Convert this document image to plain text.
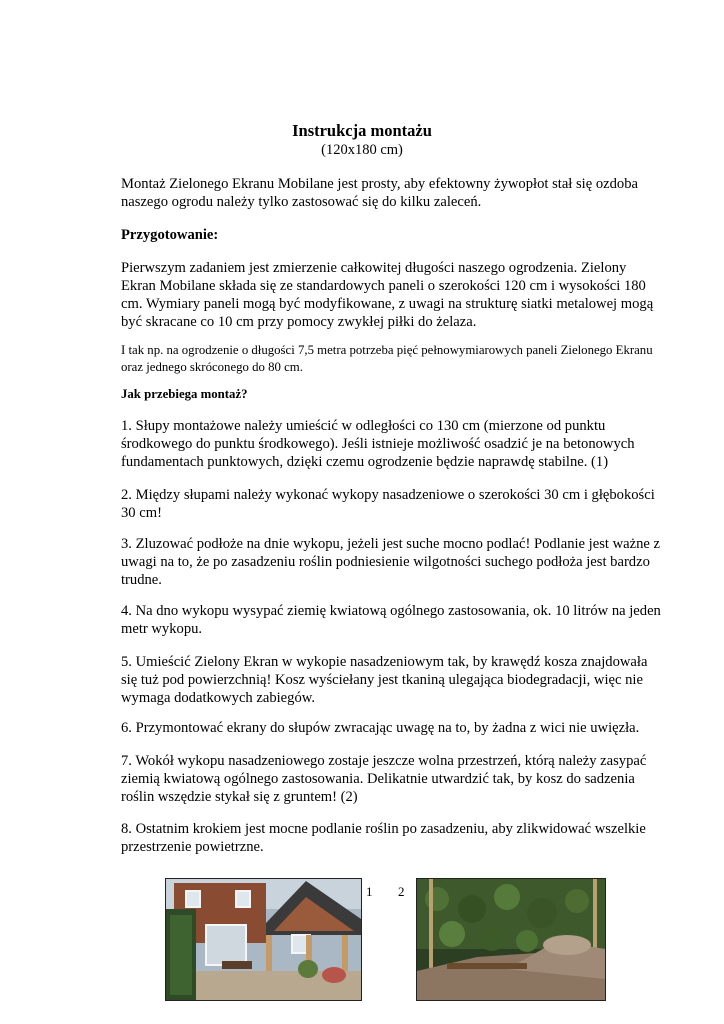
Instrukcja montażu
(120x180 cm)
Montaż Zielonego Ekranu Mobilane jest prosty, aby efektowny żywopłot stał się ozdoba naszego ogrodu należy tylko zastosować się do kilku zaleceń.
Przygotowanie:
Pierwszym zadaniem jest zmierzenie całkowitej długości naszego ogrodzenia. Zielony Ekran Mobilane składa się ze standardowych paneli o szerokości 120 cm i wysokości 180 cm. Wymiary paneli mogą być modyfikowane, z uwagi na strukturę siatki metalowej mogą być skracane co 10 cm przy pomocy zwykłej piłki do żelaza.
I tak np. na ogrodzenie o długości 7,5 metra potrzeba pięć pełnowymiarowych paneli Zielonego Ekranu oraz jednego skróconego do 80 cm.
Jak przebiega montaż?
1. Słupy montażowe należy umieścić w odległości co 130 cm (mierzone od punktu środkowego do punktu środkowego). Jeśli istnieje możliwość osadzić je na betonowych fundamentach punktowych, dzięki czemu ogrodzenie będzie naprawdę stabilne. (1)
2. Między słupami należy wykonać wykopy nasadzeniowe o szerokości 30 cm i głębokości 30 cm!
3. Zluzować podłoże na dnie wykopu, jeżeli jest suche mocno podlać! Podlanie jest ważne z uwagi na to, że po zasadzeniu roślin podniesienie wilgotności suchego podłoża jest bardzo trudne.
4. Na dno wykopu wysypać ziemię kwiatową ogólnego zastosowania, ok. 10 litrów na jeden metr wykopu.
5. Umieścić Zielony Ekran w wykopie nasadzeniowym tak, by krawędź kosza znajdowała się tuż pod powierzchnią! Kosz wyściełany jest tkaniną ulegająca biodegradacji, więc nie wymaga dodatkowych zabiegów.
6. Przymontować ekrany do słupów zwracając uwagę na to, by żadna z wici nie uwięzła.
7. Wokół wykopu nasadzeniowego zostaje jeszcze wolna przestrzeń, którą należy zasypać ziemią kwiatową ogólnego zastosowania. Delikatnie utwardzić tak, by kosz do sadzenia roślin wszędzie stykał się z gruntem! (2)
8. Ostatnim krokiem jest mocne podlanie roślin po zasadzeniu, aby zlikwidować wszelkie przestrzenie powietrzne.
1 2
